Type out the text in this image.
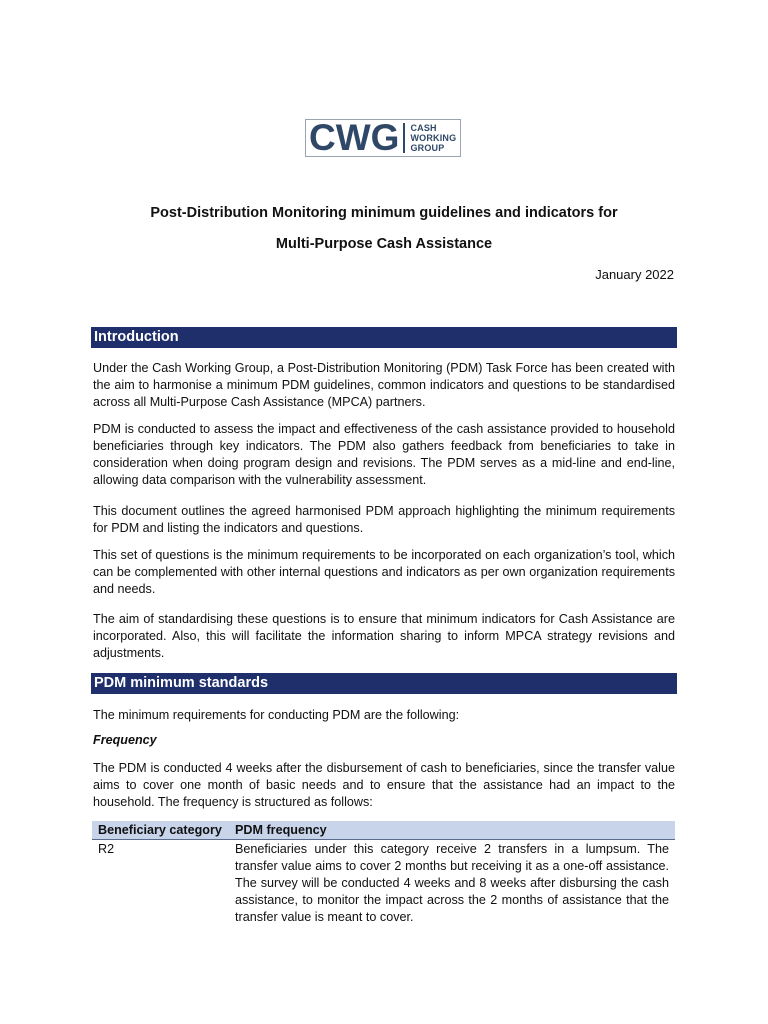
CWG	CASH
WORKING
GROUP
Post-Distribution Monitoring minimum guidelines and indicators for
Multi-Purpose Cash Assistance
January 2022
Introduction
Under the Cash Working Group, a Post-Distribution Monitoring (PDM) Task Force has been created with the aim to harmonise a minimum PDM guidelines, common indicators and questions to be standardised across all Multi-Purpose Cash Assistance (MPCA) partners.
PDM is conducted to assess the impact and effectiveness of the cash assistance provided to household beneficiaries through key indicators. The PDM also gathers feedback from beneficiaries to take in consideration when doing program design and revisions. The PDM serves as a mid-line and end-line, allowing data comparison with the vulnerability assessment.
This document outlines the agreed harmonised PDM approach highlighting the minimum requirements for PDM and listing the indicators and questions.
This set of questions is the minimum requirements to be incorporated on each organization’s tool, which can be complemented with other internal questions and indicators as per own organization requirements and needs.
The aim of standardising these questions is to ensure that minimum indicators for Cash Assistance are incorporated. Also, this will facilitate the information sharing to inform MPCA strategy revisions and adjustments.
PDM minimum standards
The minimum requirements for conducting PDM are the following:
Frequency
The PDM is conducted 4 weeks after the disbursement of cash to beneficiaries, since the transfer value aims to cover one month of basic needs and to ensure that the assistance had an impact to the household. The frequency is structured as follows:
Beneficiary category	PDM frequency
R2	Beneficiaries under this category receive 2 transfers in a lumpsum. The transfer value aims to cover 2 months but receiving it as a one-off assistance. The survey will be conducted 4 weeks and 8 weeks after disbursing the cash assistance, to monitor the impact across the 2 months of assistance that the transfer value is meant to cover.
